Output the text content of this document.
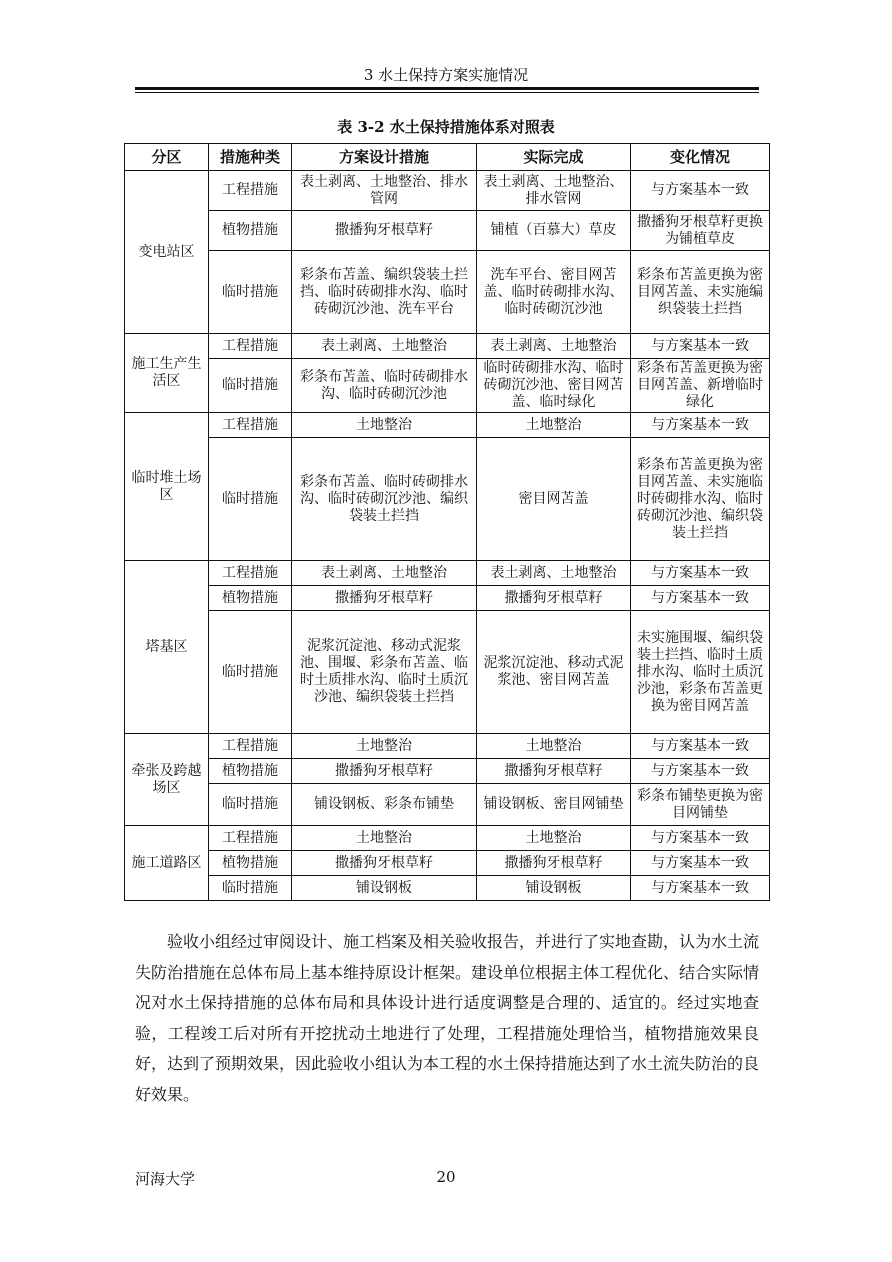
3 水土保持方案实施情况
表 3-2 水土保持措施体系对照表
分区	措施种类	方案设计措施	实际完成	变化情况
变电站区	工程措施	表土剥离、土地整治、排水管网	表土剥离、土地整治、排水管网	与方案基本一致
	植物措施	撒播狗牙根草籽	铺植（百慕大）草皮	撒播狗牙根草籽更换为铺植草皮
	临时措施	彩条布苫盖、编织袋装土拦挡、临时砖砌排水沟、临时砖砌沉沙池、洗车平台	洗车平台、密目网苫盖、临时砖砌排水沟、临时砖砌沉沙池	彩条布苫盖更换为密目网苫盖、未实施编织袋装土拦挡
施工生产生活区	工程措施	表土剥离、土地整治	表土剥离、土地整治	与方案基本一致
	临时措施	彩条布苫盖、临时砖砌排水沟、临时砖砌沉沙池	临时砖砌排水沟、临时砖砌沉沙池、密目网苫盖、临时绿化	彩条布苫盖更换为密目网苫盖、新增临时绿化
临时堆土场区	工程措施	土地整治	土地整治	与方案基本一致
	临时措施	彩条布苫盖、临时砖砌排水沟、临时砖砌沉沙池、编织袋装土拦挡	密目网苫盖	彩条布苫盖更换为密目网苫盖、未实施临时砖砌排水沟、临时砖砌沉沙池、编织袋装土拦挡
塔基区	工程措施	表土剥离、土地整治	表土剥离、土地整治	与方案基本一致
	植物措施	撒播狗牙根草籽	撒播狗牙根草籽	与方案基本一致
	临时措施	泥浆沉淀池、移动式泥浆池、围堰、彩条布苫盖、临时土质排水沟、临时土质沉沙池、编织袋装土拦挡	泥浆沉淀池、移动式泥浆池、密目网苫盖	未实施围堰、编织袋装土拦挡、临时土质排水沟、临时土质沉沙池，彩条布苫盖更换为密目网苫盖
牵张及跨越场区	工程措施	土地整治	土地整治	与方案基本一致
	植物措施	撒播狗牙根草籽	撒播狗牙根草籽	与方案基本一致
	临时措施	铺设钢板、彩条布铺垫	铺设钢板、密目网铺垫	彩条布铺垫更换为密目网铺垫
施工道路区	工程措施	土地整治	土地整治	与方案基本一致
	植物措施	撒播狗牙根草籽	撒播狗牙根草籽	与方案基本一致
	临时措施	铺设钢板	铺设钢板	与方案基本一致
验收小组经过审阅设计、施工档案及相关验收报告，并进行了实地查勘，认为水土流失防治措施在总体布局上基本维持原设计框架。建设单位根据主体工程优化、结合实际情况对水土保持措施的总体布局和具体设计进行适度调整是合理的、适宜的。经过实地查验，工程竣工后对所有开挖扰动土地进行了处理，工程措施处理恰当，植物措施效果良好，达到了预期效果，因此验收小组认为本工程的水土保持措施达到了水土流失防治的良好效果。
河海大学	20
